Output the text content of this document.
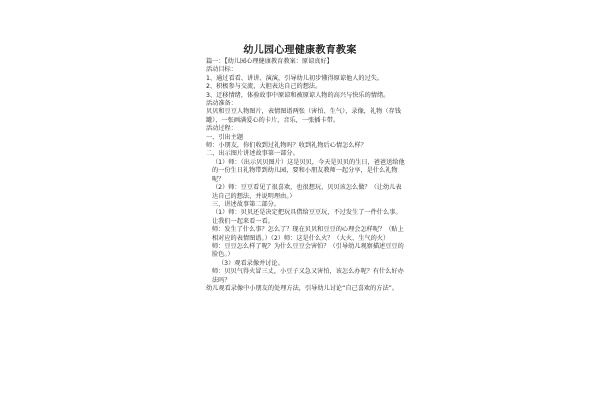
幼儿园心理健康教育教案

篇一：【幼儿园心理健康教育教案：原谅真好】

活动目标：

1、通过看看、讲讲、演演，引导幼儿初步懂得原谅他人的过失。

2、积极参与交流，大胆表达自己的想法。

3、迁移情绪，体验故事中原谅和被原谅人物的高兴与快乐的情绪。

活动准备：

贝贝和豆豆人物图片，表情图谱两张（害怕、生气），录像，礼物（存钱罐），一张画满爱心的卡片，音乐，一张插卡带。

活动过程：

一、引出主题

师：小朋友，你们收到过礼物吗？收到礼物后心情怎么样？

二、出示图片讲述故事第一部分。

（1）师：（出示贝贝图片）这是贝贝，今天是贝贝的生日，爸爸送给他的一份生日礼物带到幼儿园，要和小朋友教师一起分享，是什么礼物呢？

（2）师：豆豆看见了很喜欢，也很想玩，贝贝该怎么做？（让幼儿表达自己的想法，并说明理由。）

三、讲述故事第二部分。

（1）师：贝贝还是决定把玩具借给豆豆玩，不过发生了一件什么事。让我们一起来看一看。

师：发生了什么事？怎么了？现在贝贝和豆豆的心理会怎样呢？（贴上相对应的表情图谱。）（2）师：这是什么火？（大火、生气的火）

师：豆豆怎么样了呢？为什么豆豆会害怕？（引导幼儿观察描述豆豆的脸色。）

（3）观看录像并讨论。

师：贝贝气得火冒三丈，小豆子又急又害怕，该怎么办呢？有什么好办法吗？

幼儿观看录像中小朋友的处理方法，引导幼儿讨论“自己喜欢的方法”。
